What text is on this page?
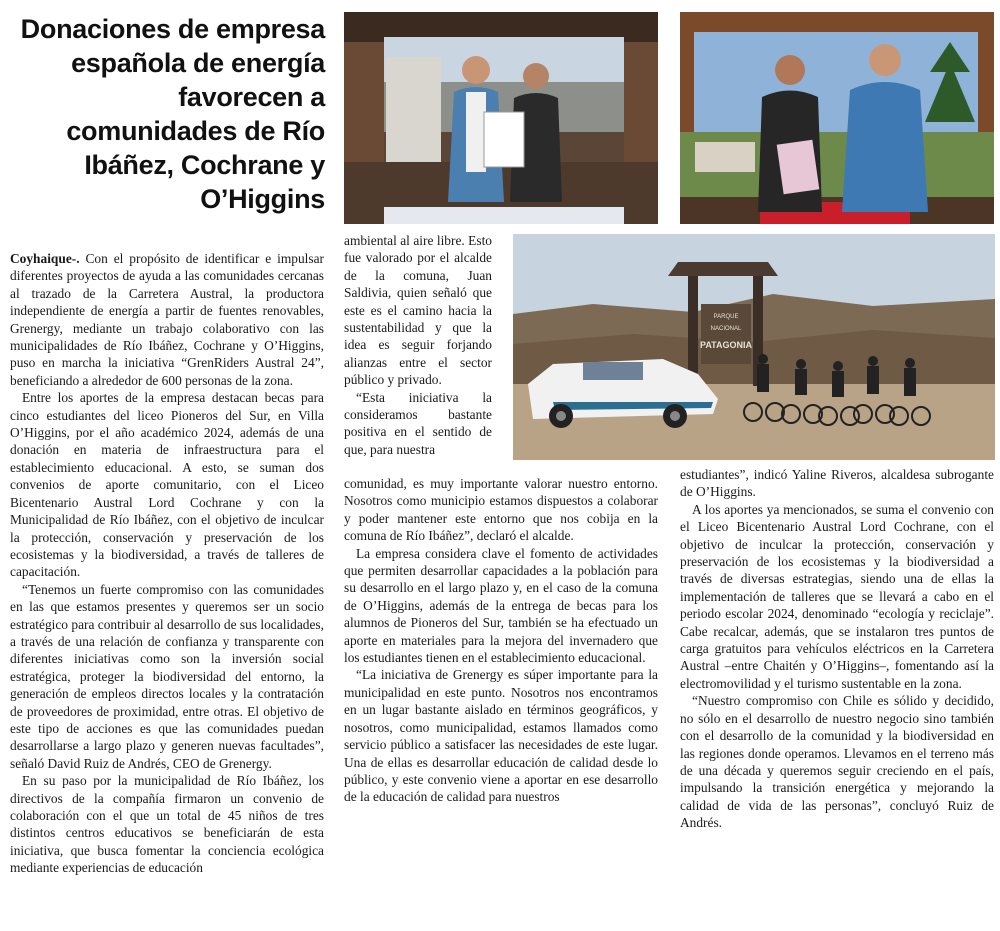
Donaciones de empresa española de energía favorecen a comunidades de Río Ibáñez, Cochrane y O’Higgins
PARQUE
NACIONAL
PATAGONIA

Coyhaique-. Con el propósito de identificar e impulsar diferentes proyectos de ayuda a las comunidades cercanas al trazado de la Carretera Austral, la productora independiente de energía a partir de fuentes renovables, Grenergy, mediante un trabajo colaborativo con las municipalidades de Río Ibáñez, Cochrane y O’Higgins, puso en marcha la iniciativa “GrenRiders Austral 24”, beneficiando a alrededor de 600 personas de la zona.

Entre los aportes de la empresa destacan becas para cinco estudiantes del liceo Pioneros del Sur, en Villa O’Higgins, por el año académico 2024, además de una donación en materia de infraestructura para el establecimiento educacional. A esto, se suman dos convenios de aporte comunitario, con el Liceo Bicentenario Austral Lord Cochrane y con la Municipalidad de Río Ibáñez, con el objetivo de inculcar la protección, conservación y preservación de los ecosistemas y la biodiversidad, a través de talleres de capacitación.

“Tenemos un fuerte compromiso con las comunidades en las que estamos presentes y queremos ser un socio estratégico para contribuir al desarrollo de sus localidades, a través de una relación de confianza y transparente con diferentes iniciativas como son la inversión social estratégica, proteger la biodiversidad del entorno, la generación de empleos directos locales y la contratación de proveedores de proximidad, entre otras. El objetivo de este tipo de acciones es que las comunidades puedan desarrollarse a largo plazo y generen nuevas facultades”, señaló David Ruiz de Andrés, CEO de Grenergy.

En su paso por la municipalidad de Río Ibáñez, los directivos de la compañía firmaron un convenio de colaboración con el que un total de 45 niños de tres distintos centros educativos se beneficiarán de esta iniciativa, que busca fomentar la conciencia ecológica mediante experiencias de educación

ambiental al aire libre. Esto fue valorado por el alcalde de la comuna, Juan Saldivia, quien señaló que este es el camino hacia la sustentabilidad y que la idea es seguir forjando alianzas entre el sector público y privado.

“Esta iniciativa la consideramos bastante positiva en el sentido de que, para nuestra

comunidad, es muy importante valorar nuestro entorno. Nosotros como municipio estamos dispuestos a colaborar y poder mantener este entorno que nos cobija en la comuna de Río Ibáñez”, declaró el alcalde.

La empresa considera clave el fomento de actividades que permiten desarrollar capacidades a la población para su desarrollo en el largo plazo y, en el caso de la comuna de O’Higgins, además de la entrega de becas para los alumnos de Pioneros del Sur, también se ha efectuado un aporte en materiales para la mejora del invernadero que los estudiantes tienen en el establecimiento educacional.

“La iniciativa de Grenergy es súper importante para la municipalidad en este punto. Nosotros nos encontramos en un lugar bastante aislado en términos geográficos, y nosotros, como municipalidad, estamos llamados como servicio público a satisfacer las necesidades de este lugar. Una de ellas es desarrollar educación de calidad desde lo público, y este convenio viene a aportar en ese desarrollo de la educación de calidad para nuestros

estudiantes”, indicó Yaline Riveros, alcaldesa subrogante de O’Higgins.

A los aportes ya mencionados, se suma el convenio con el Liceo Bicentenario Austral Lord Cochrane, con el objetivo de inculcar la protección, conservación y preservación de los ecosistemas y la biodiversidad a través de diversas estrategias, siendo una de ellas la implementación de talleres que se llevará a cabo en el periodo escolar 2024, denominado “ecología y reciclaje”. Cabe recalcar, además, que se instalaron tres puntos de carga gratuitos para vehículos eléctricos en la Carretera Austral –entre Chaitén y O’Higgins–, fomentando así la electromovilidad y el turismo sustentable en la zona.

“Nuestro compromiso con Chile es sólido y decidido, no sólo en el desarrollo de nuestro negocio sino también con el desarrollo de la comunidad y la biodiversidad en las regiones donde operamos. Llevamos en el terreno más de una década y queremos seguir creciendo en el país, impulsando la transición energética y mejorando la calidad de vida de las personas”, concluyó Ruiz de Andrés.
